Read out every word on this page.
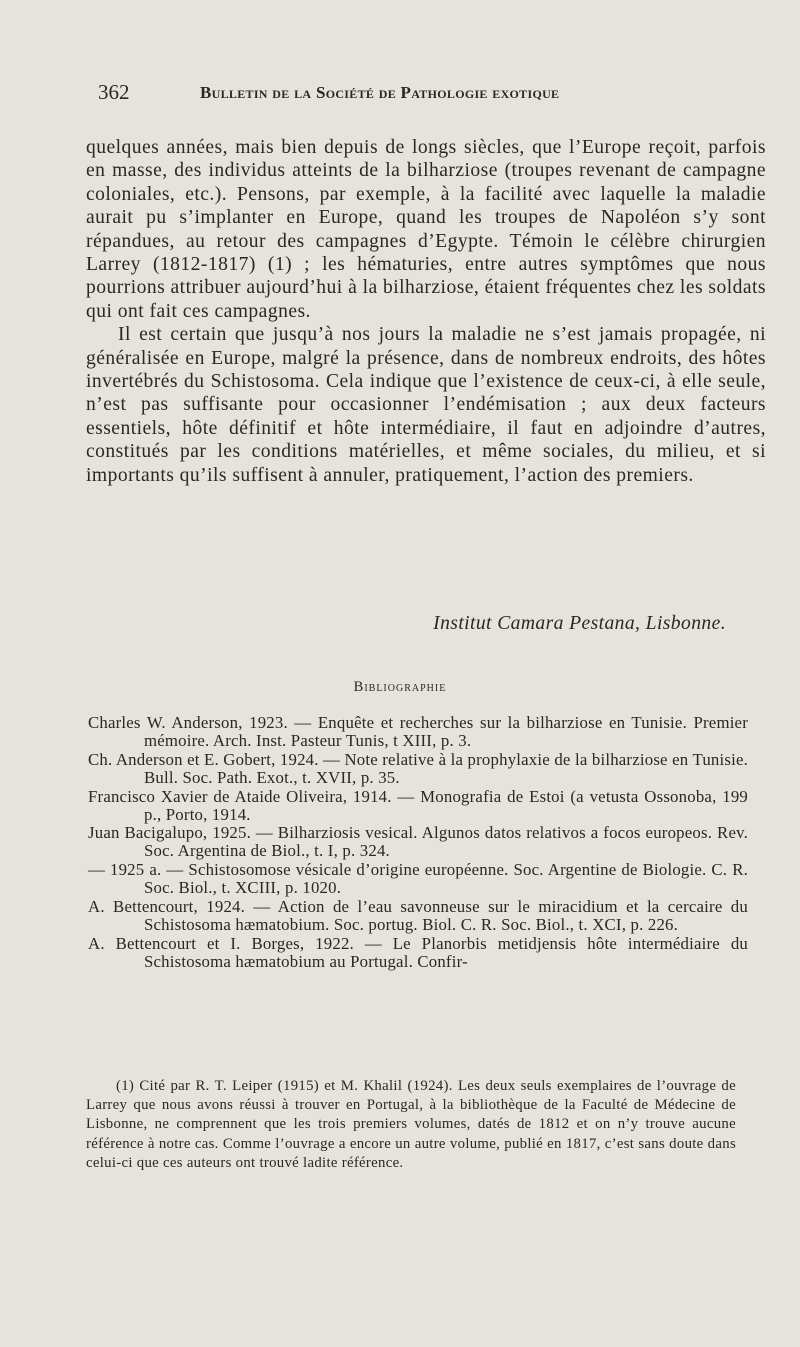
362	Bulletin de la Société de Pathologie exotique

quelques années, mais bien depuis de longs siècles, que l’Europe reçoit, parfois en masse, des individus atteints de la bilharziose (troupes revenant de campagne coloniales, etc.). Pensons, par exemple, à la facilité avec laquelle la maladie aurait pu s’implanter en Europe, quand les troupes de Napoléon s’y sont répandues, au retour des campagnes d’Egypte. Témoin le célèbre chirurgien Larrey (1812-1817) (1) ; les hématuries, entre autres symptômes que nous pourrions attribuer aujourd’hui à la bilharziose, étaient fréquentes chez les soldats qui ont fait ces campagnes.

Il est certain que jusqu’à nos jours la maladie ne s’est jamais propagée, ni généralisée en Europe, malgré la présence, dans de nombreux endroits, des hôtes invertébrés du Schistosoma. Cela indique que l’existence de ceux-ci, à elle seule, n’est pas suffisante pour occasionner l’endémisation ; aux deux facteurs essentiels, hôte définitif et hôte intermédiaire, il faut en adjoindre d’autres, constitués par les conditions matérielles, et même sociales, du milieu, et si importants qu’ils suffisent à annuler, pratiquement, l’action des premiers.

Institut Camara Pestana, Lisbonne.
Bibliographie

Charles W. Anderson, 1923. — Enquête et recherches sur la bilharziose en Tunisie. Premier mémoire. Arch. Inst. Pasteur Tunis, t XIII, p. 3.

Ch. Anderson et E. Gobert, 1924. — Note relative à la prophylaxie de la bilharziose en Tunisie. Bull. Soc. Path. Exot., t. XVII, p. 35.

Francisco Xavier de Ataide Oliveira, 1914. — Monografia de Estoi (a vetusta Ossonoba, 199 p., Porto, 1914.

Juan Bacigalupo, 1925. — Bilharziosis vesical. Algunos datos relativos a focos europeos. Rev. Soc. Argentina de Biol., t. I, p. 324.

— 1925 a. — Schistosomose vésicale d’origine européenne. Soc. Argentine de Biologie. C. R. Soc. Biol., t. XCIII, p. 1020.

A. Bettencourt, 1924. — Action de l’eau savonneuse sur le miracidium et la cercaire du Schistosoma hæmatobium. Soc. portug. Biol. C. R. Soc. Biol., t. XCI, p. 226.

A. Bettencourt et I. Borges, 1922. — Le Planorbis metidjensis hôte intermédiaire du Schistosoma hæmatobium au Portugal. Confir-

(1) Cité par R. T. Leiper (1915) et M. Khalil (1924). Les deux seuls exemplaires de l’ouvrage de Larrey que nous avons réussi à trouver en Portugal, à la bibliothèque de la Faculté de Médecine de Lisbonne, ne comprennent que les trois premiers volumes, datés de 1812 et on n’y trouve aucune référence à notre cas. Comme l’ouvrage a encore un autre volume, publié en 1817, c’est sans doute dans celui-ci que ces auteurs ont trouvé ladite référence.
